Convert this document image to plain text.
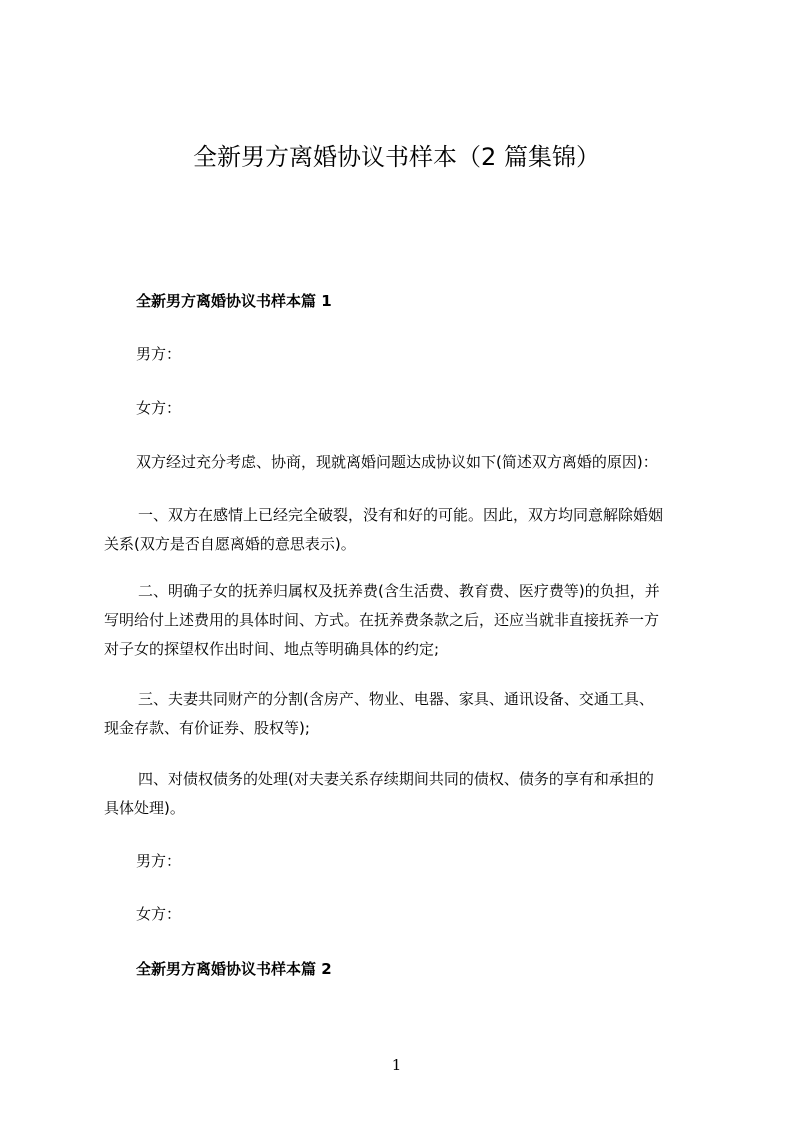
全新男方离婚协议书样本（2 篇集锦）
全新男方离婚协议书样本篇 1
男方：
女方：
双方经过充分考虑、协商，现就离婚问题达成协议如下(简述双方离婚的原因)：
一、双方在感情上已经完全破裂，没有和好的可能。因此，双方均同意解除婚姻
关系(双方是否自愿离婚的意思表示)。
二、明确子女的抚养归属权及抚养费(含生活费、教育费、医疗费等)的负担，并
写明给付上述费用的具体时间、方式。在抚养费条款之后，还应当就非直接抚养一方
对子女的探望权作出时间、地点等明确具体的约定;
三、夫妻共同财产的分割(含房产、物业、电器、家具、通讯设备、交通工具、
现金存款、有价证券、股权等);
四、对债权债务的处理(对夫妻关系存续期间共同的债权、债务的享有和承担的
具体处理)。
男方：
女方：
全新男方离婚协议书样本篇 2
1
